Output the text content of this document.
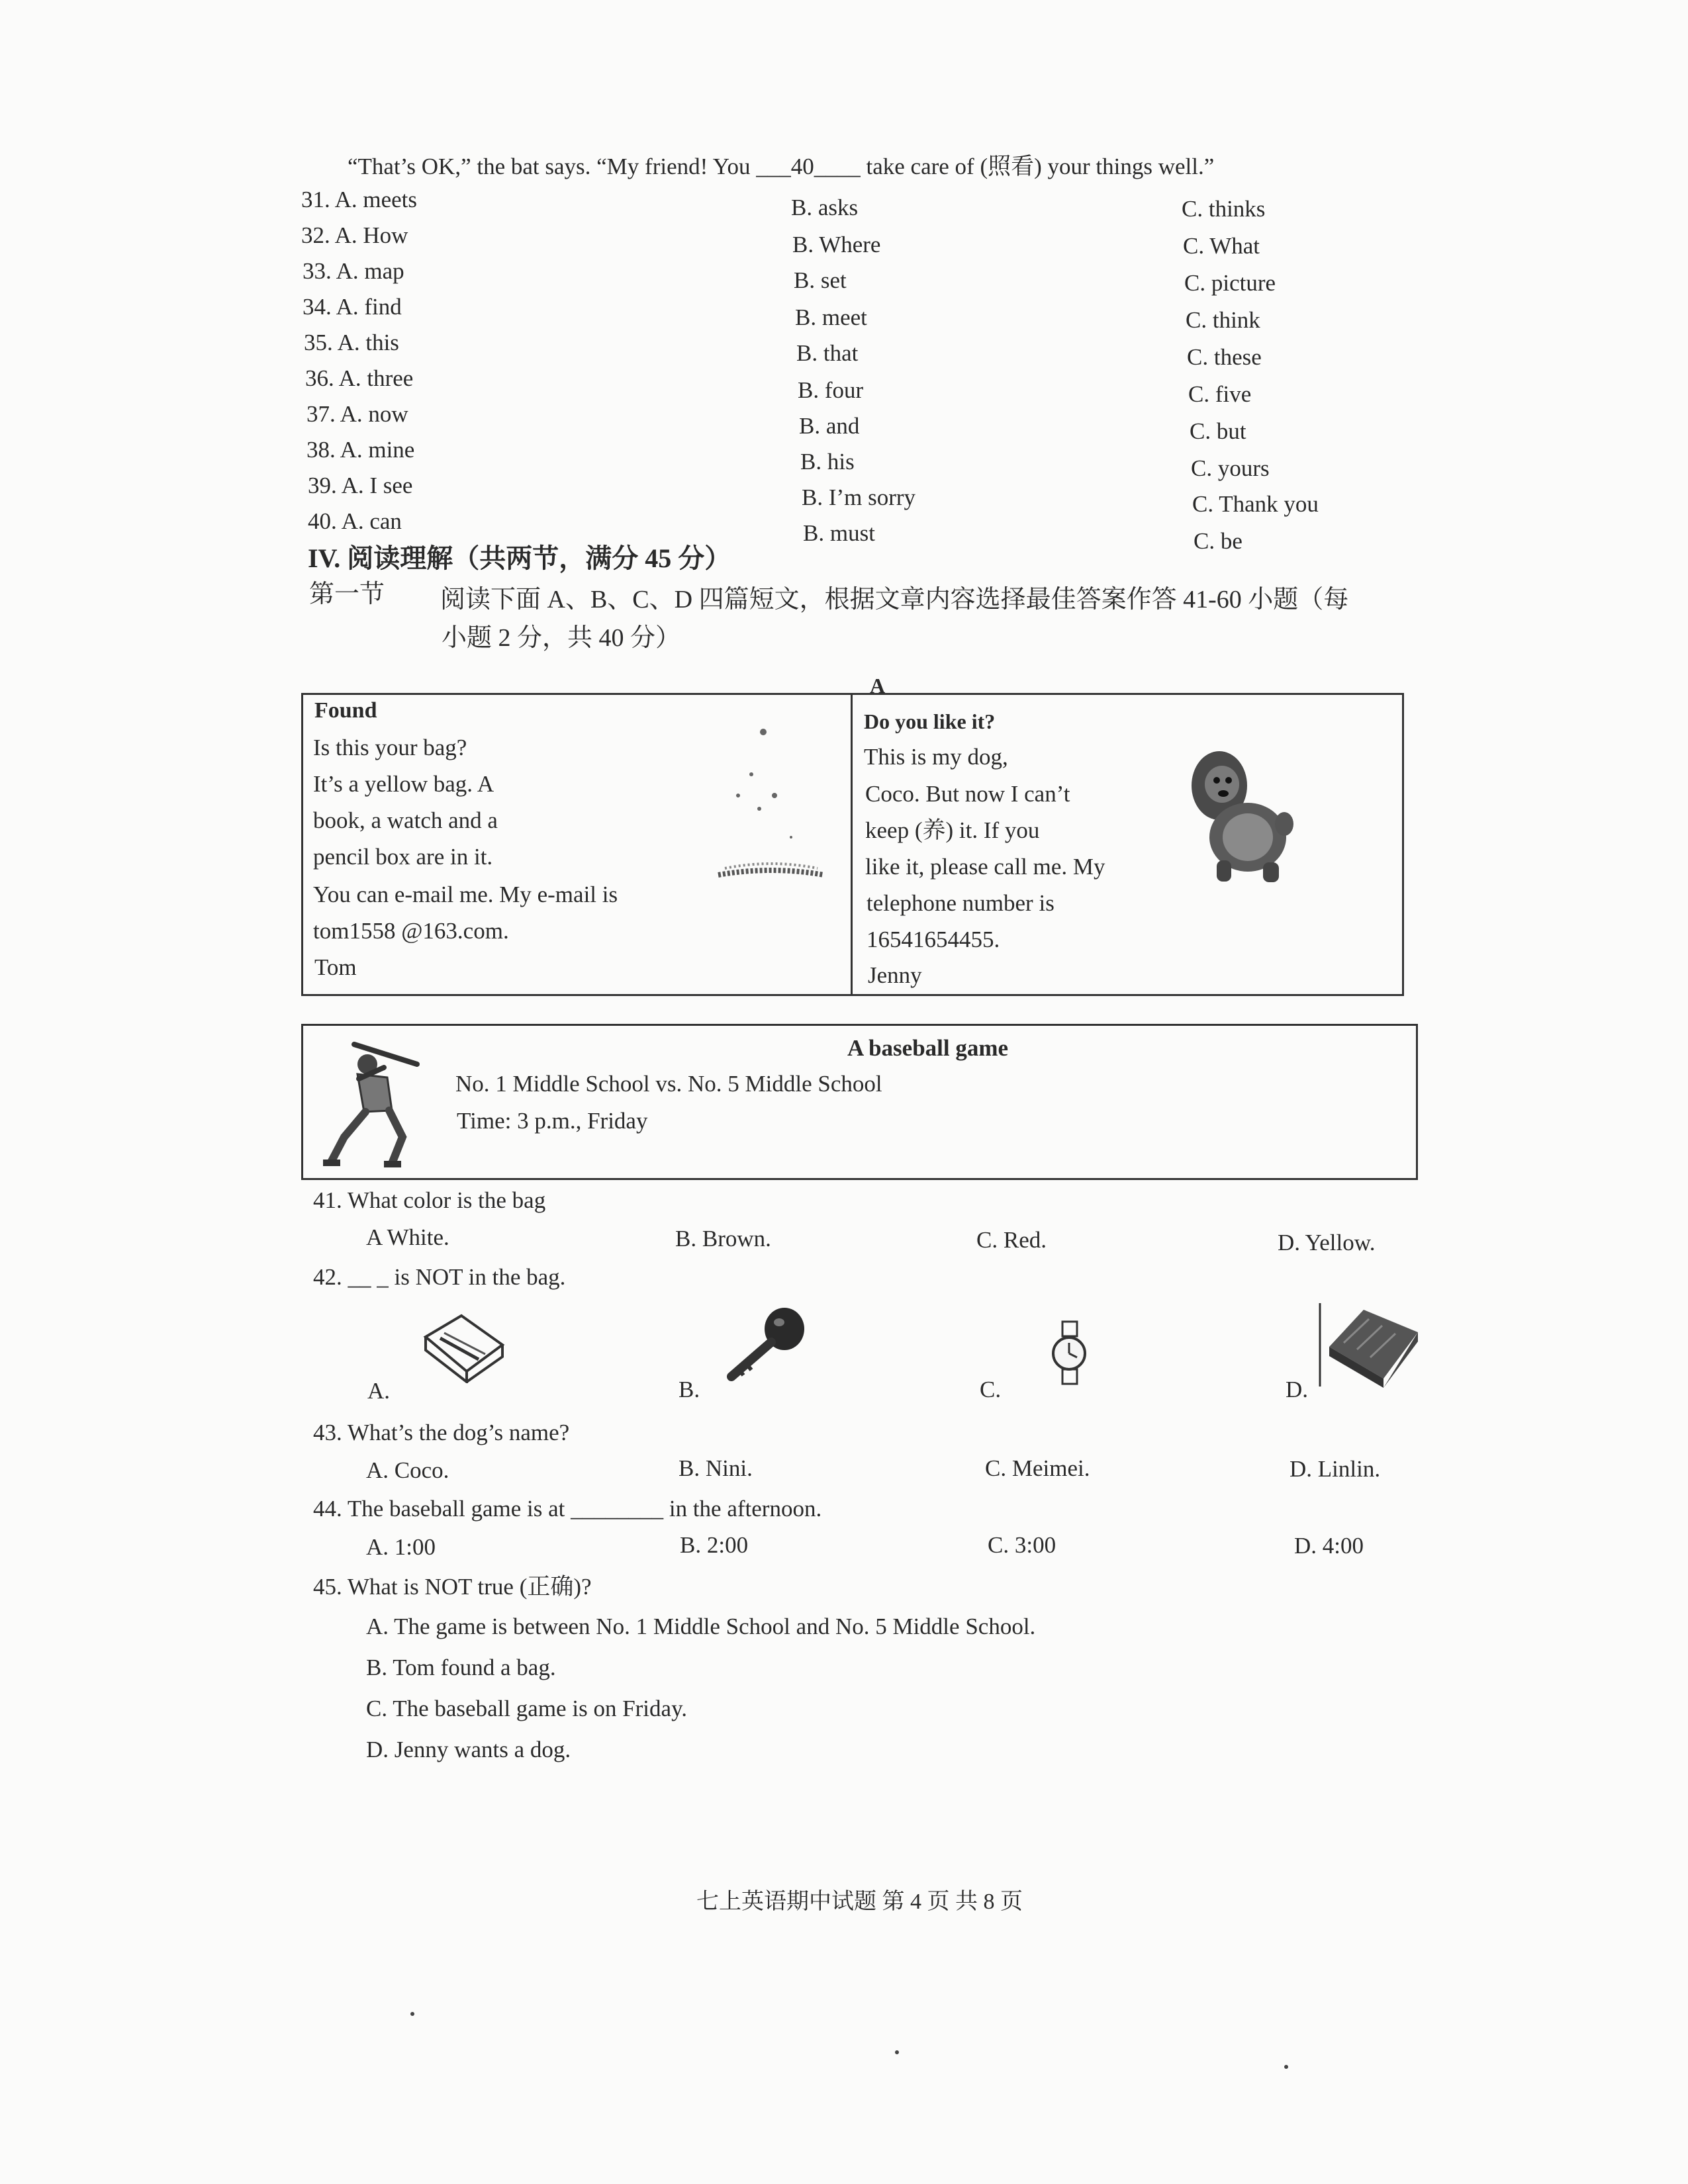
“That’s OK,” the bat says. “My friend! You ___40____ take care of (照看) your things well.”
31. A. meets	B. asks	C. thinks
32. A. How	B. Where	C. What
33. A. map	B. set	C. picture
34. A. find	B. meet	C. think
35. A. this	B. that	C. these
36. A. three	B. four	C. five
37. A. now	B. and	C. but
38. A. mine	B. his	C. yours
39. A. I see	B. I’m sorry	C. Thank you
40. A. can	B. must	C. be
IV. 阅读理解（共两节，满分 45 分）
第一节 阅读下面 A、B、C、D 四篇短文，根据文章内容选择最佳答案作答 41-60 小题（每
小题 2 分，共 40 分）
A
Found
Is this your bag?
It’s a yellow bag. A
book, a watch and a
pencil box are in it.
You can e-mail me. My e-mail is
tom1558 @163.com.
Tom
Do you like it?
This is my dog,
Coco. But now I can’t
keep (养) it. If you
like it, please call me. My
telephone number is
16541654455.
Jenny
A baseball game
No. 1 Middle School vs. No. 5 Middle School
Time: 3 p.m., Friday
41. What color is the bag
A White.	B. Brown.	C. Red.	D. Yellow.
42. __ _ is NOT in the bag.
A.	B.	C.	D.
43. What’s the dog’s name?
A. Coco.	B. Nini.	C. Meimei.	D. Linlin.
44. The baseball game is at ________ in the afternoon.
A. 1:00	B. 2:00	C. 3:00	D. 4:00
45. What is NOT true (正确)?
A. The game is between No. 1 Middle School and No. 5 Middle School.
B. Tom found a bag.
C. The baseball game is on Friday.
D. Jenny wants a dog.
七上英语期中试题 第 4 页 共 8 页
